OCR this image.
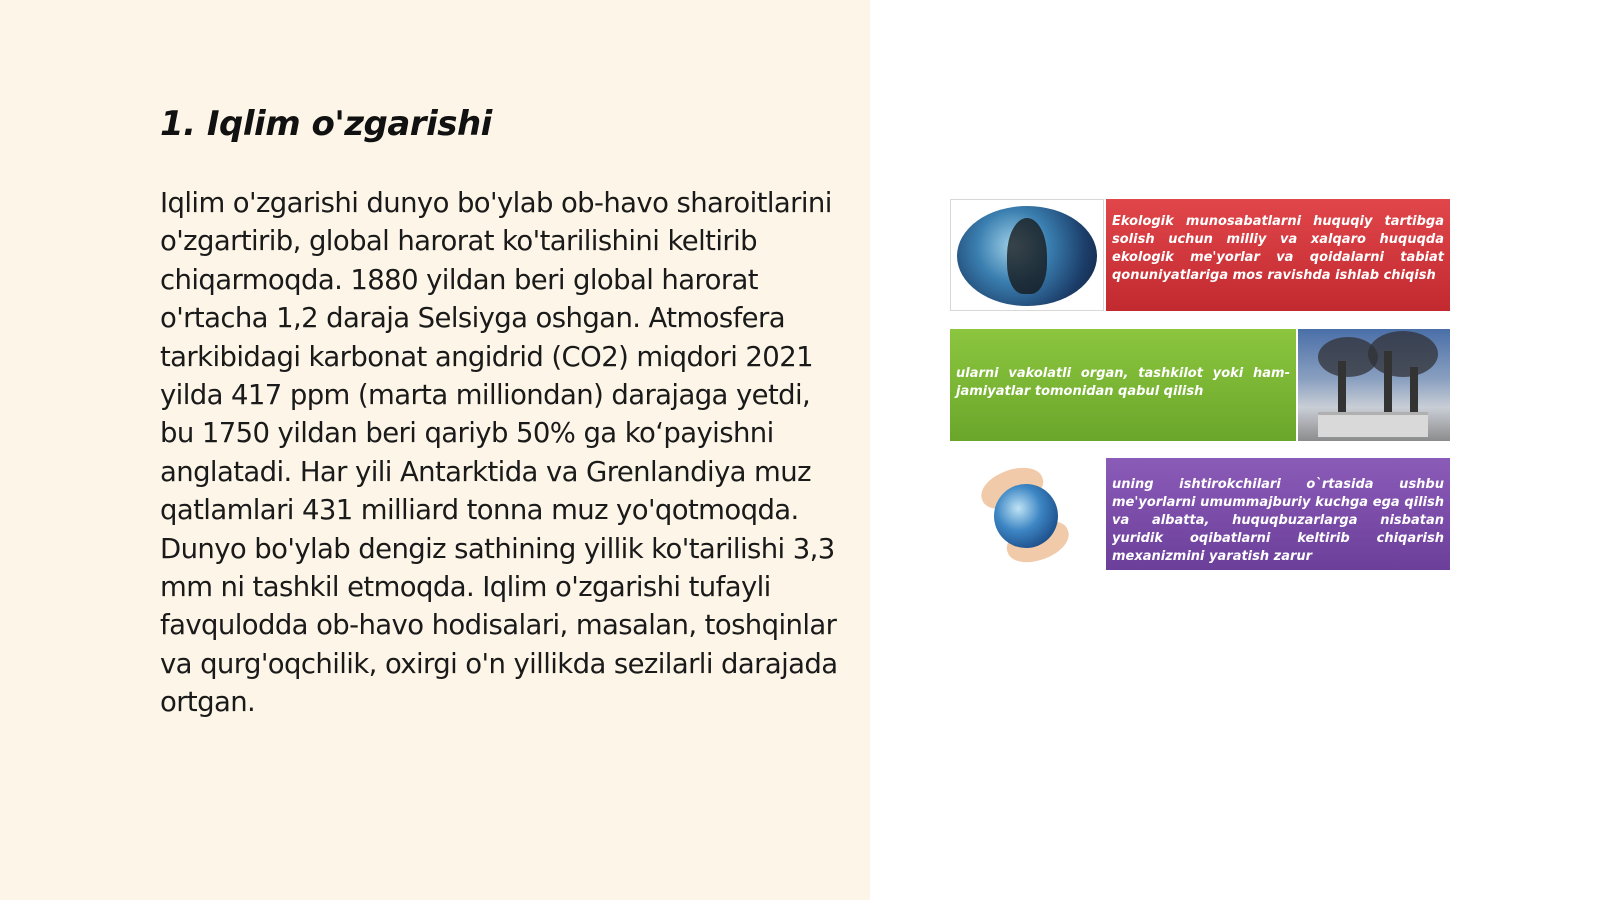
1. Iqlim o'zgarishi

Iqlim o'zgarishi dunyo bo'ylab ob-havo sharoitlarini o'zgartirib, global harorat ko'tarilishini keltirib chiqarmoqda. 1880 yildan beri global harorat o'rtacha 1,2 daraja Selsiyga oshgan. Atmosfera tarkibidagi karbonat angidrid (CO2) miqdori 2021 yilda 417 ppm (marta milliondan) darajaga yetdi, bu 1750 yildan beri qariyb 50% ga ko‘payishni anglatadi. Har yili Antarktida va Grenlandiya muz qatlamlari 431 milliard tonna muz yo'qotmoqda. Dunyo bo'ylab dengiz sathining yillik ko'tarilishi 3,3 mm ni tashkil etmoqda. Iqlim o'zgarishi tufayli favqulodda ob-havo hodisalari, masalan, toshqinlar va qurg'oqchilik, oxirgi o'n yillikda sezilarli darajada ortgan.

Ekologik munosabatlarni huquqiy tartibga solish uchun milliy va xalqaro huquqda ekologik me'yorlar va qoidalarni tabiat qonuniyatlariga mos ravishda ishlab chiqish
ularni vakolatli organ, tashkilot yoki ham-jamiyatlar tomonidan qabul qilish
uning ishtirokchilari o`rtasida ushbu me'yorlarni umummajburiy kuchga ega qilish va albatta, huquqbuzarlarga nisbatan yuridik oqibatlarni keltirib chiqarish mexanizmini yaratish zarur
